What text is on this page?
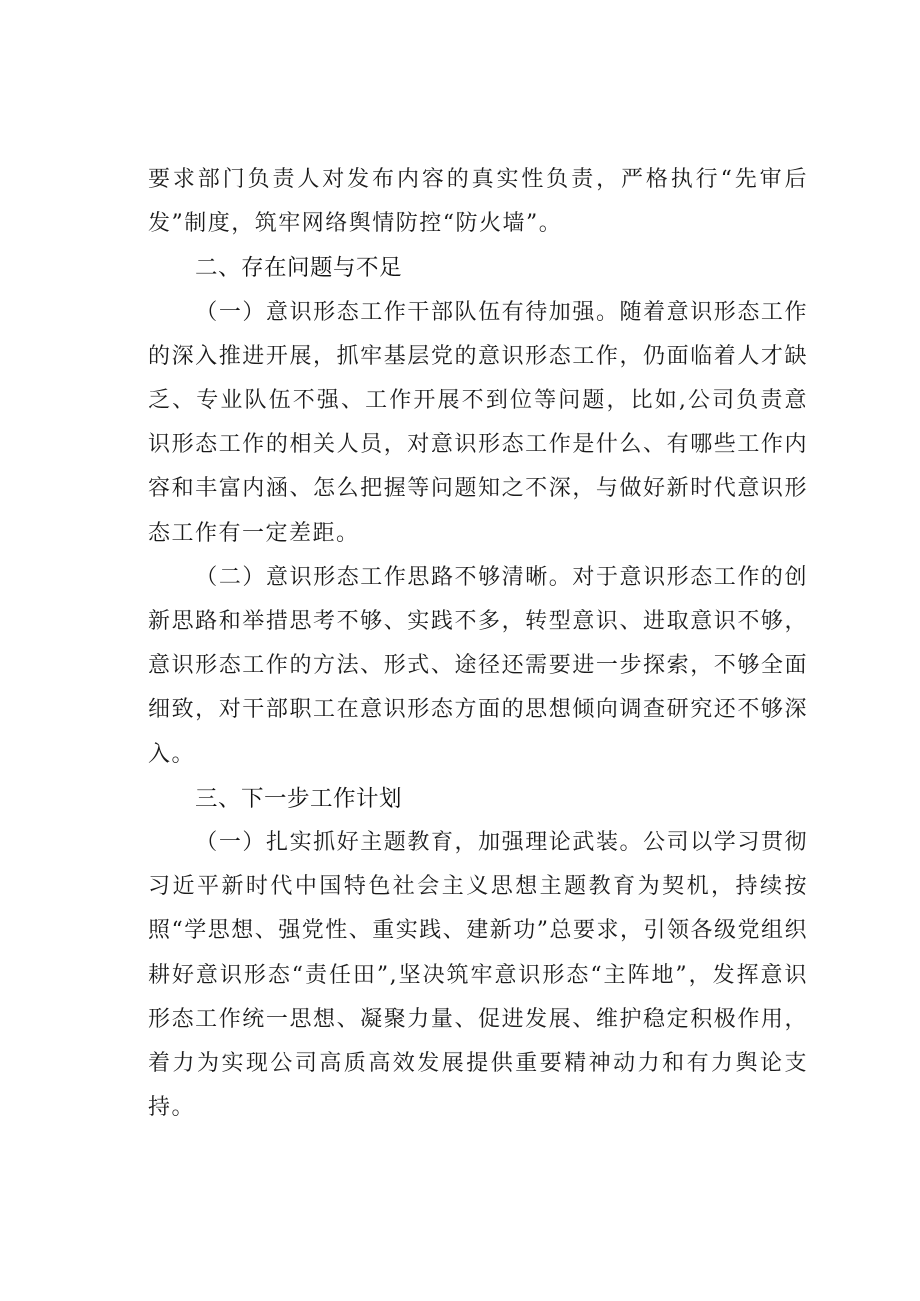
要求部门负责人对发布内容的真实性负责，严格执行“先审后发”制度，筑牢网络舆情防控“防火墙”。

二、存在问题与不足

（一）意识形态工作干部队伍有待加强。随着意识形态工作的深入推进开展，抓牢基层党的意识形态工作，仍面临着人才缺乏、专业队伍不强、工作开展不到位等问题，比如,公司负责意识形态工作的相关人员，对意识形态工作是什么、有哪些工作内容和丰富内涵、怎么把握等问题知之不深，与做好新时代意识形态工作有一定差距。

（二）意识形态工作思路不够清晰。对于意识形态工作的创新思路和举措思考不够、实践不多，转型意识、进取意识不够，意识形态工作的方法、形式、途径还需要进一步探索，不够全面细致，对干部职工在意识形态方面的思想倾向调查研究还不够深入。

三、下一步工作计划

（一）扎实抓好主题教育，加强理论武装。公司以学习贯彻习近平新时代中国特色社会主义思想主题教育为契机，持续按照“学思想、强党性、重实践、建新功”总要求，引领各级党组织耕好意识形态“责任田”,坚决筑牢意识形态“主阵地”，发挥意识形态工作统一思想、凝聚力量、促进发展、维护稳定积极作用，着力为实现公司高质高效发展提供重要精神动力和有力舆论支持。
